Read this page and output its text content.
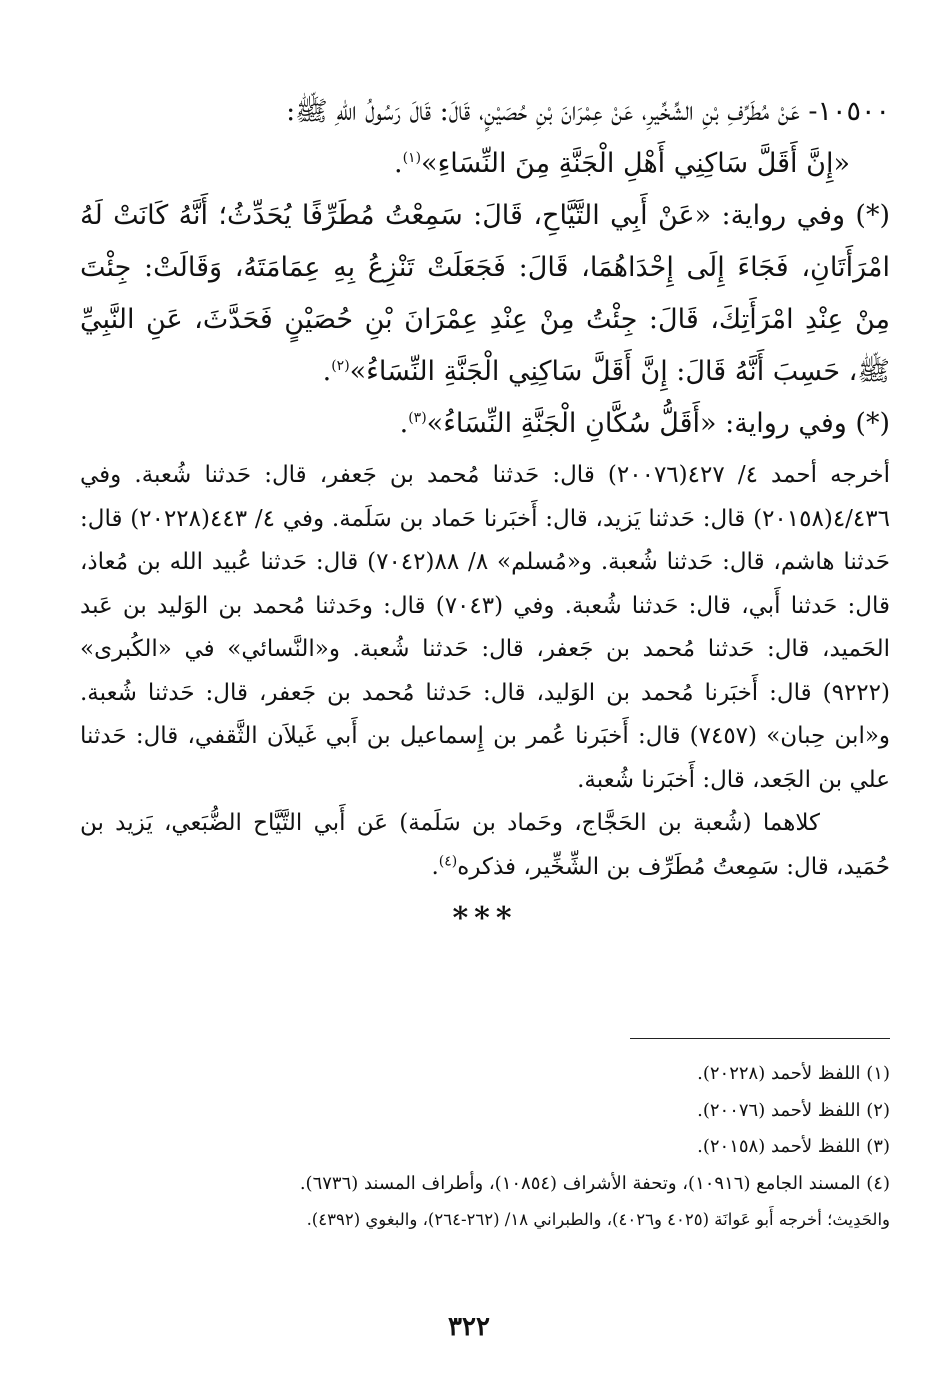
١٠٥٠٠- عَنْ مُطَرِّفِ بْنِ الشِّخِّيرِ، عَنْ عِمْرَانَ بْنِ حُصَيْنٍ، قَالَ: قَالَ رَسُولُ اللهِ ﷺ:

«إِنَّ أَقَلَّ سَاكِنِي أَهْلِ الْجَنَّةِ مِنَ النِّسَاءِ»$^{(١)}$.

(*) وفي رواية: «عَنْ أَبِي التَّيَّاحِ، قَالَ: سَمِعْتُ مُطَرِّفًا يُحَدِّثُ؛ أَنَّهُ كَانَتْ لَهُ امْرَأَتَانِ، فَجَاءَ إِلَى إِحْدَاهُمَا، قَالَ: فَجَعَلَتْ تَنْزِعُ بِهِ عِمَامَتَهُ، وَقَالَتْ: جِئْتَ مِنْ عِنْدِ امْرَأَتِكَ، قَالَ: جِئْتُ مِنْ عِنْدِ عِمْرَانَ بْنِ حُصَيْنٍ فَحَدَّثَ، عَنِ النَّبِيِّ ﷺ، حَسِبَ أَنَّهُ قَالَ: إِنَّ أَقَلَّ سَاكِنِي الْجَنَّةِ النِّسَاءُ»$^{(٢)}$.

(*) وفي رواية: «أَقَلُّ سُكَّانِ الْجَنَّةِ النِّسَاءُ»$^{(٣)}$.

أخرجه أحمد ٤/ ٤٢٧(٢٠٠٧٦) قال: حَدثنا مُحمد بن جَعفر، قال: حَدثنا شُعبة. وفي ٤/٤٣٦(٢٠١٥٨) قال: حَدثنا يَزيد، قال: أَخبَرنا حَماد بن سَلَمة. وفي ٤/ ٤٤٣(٢٠٢٢٨) قال: حَدثنا هاشم، قال: حَدثنا شُعبة. و«مُسلم» ٨/ ٨٨(٧٠٤٢) قال: حَدثنا عُبيد الله بن مُعاذ، قال: حَدثنا أَبي، قال: حَدثنا شُعبة. وفي (٧٠٤٣) قال: وحَدثنا مُحمد بن الوَليد بن عَبد الحَميد، قال: حَدثنا مُحمد بن جَعفر، قال: حَدثنا شُعبة. و«النَّسائي» في «الكُبرى» (٩٢٢٢) قال: أَخبَرنا مُحمد بن الوَليد، قال: حَدثنا مُحمد بن جَعفر، قال: حَدثنا شُعبة. و«ابن حِبان» (٧٤٥٧) قال: أَخبَرنا عُمر بن إِسماعيل بن أَبي غَيلاَن الثَّقفي، قال: حَدثنا علي بن الجَعد، قال: أَخبَرنا شُعبة.

كلاهما (شُعبة بن الحَجَّاج، وحَماد بن سَلَمة) عَن أَبي التَّيَّاح الضُّبَعي، يَزيد بن حُمَيد، قال: سَمِعتُ مُطَرِّف بن الشِّخِّير، فذكره$^{(٤)}$.

***

(١) اللفظ لأحمد (٢٠٢٢٨).

(٢) اللفظ لأحمد (٢٠٠٧٦).

(٣) اللفظ لأحمد (٢٠١٥٨).

(٤) المسند الجامع (١٠٩١٦)، وتحفة الأشراف (١٠٨٥٤)، وأطراف المسند (٦٧٣٦).

والحَدِيث؛ أخرجه أَبو عَوانَة (٤٠٢٥ و٤٠٢٦)، والطبراني ١٨/ (٢٦٢-٢٦٤)، والبغوي (٤٣٩٢).

٣٢٢
